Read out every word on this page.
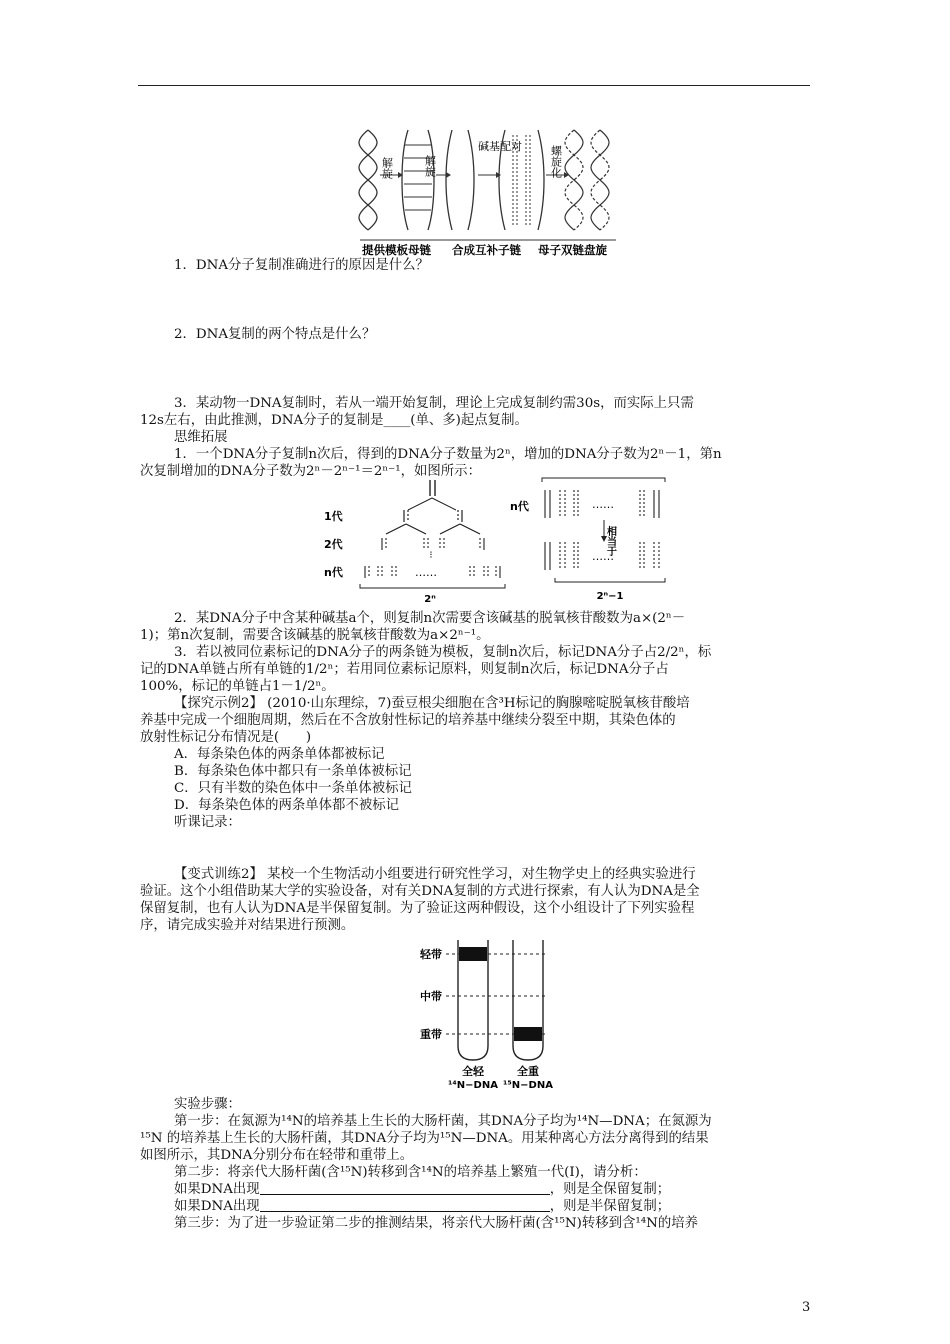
解旋	解旋
碱基配对	螺旋化
提供模板母链 合成互补子链 母子双链盘旋
1．DNA分子复制准确进行的原因是什么？
2．DNA复制的两个特点是什么？
3．某动物一DNA复制时，若从一端开始复制，理论上完成复制约需30s，而实际上只需
12s左右，由此推测，DNA分子的复制是____(单、多)起点复制。
思维拓展
1．一个DNA分子复制n次后，得到的DNA分子数量为2ⁿ，增加的DNA分子数为2ⁿ－1，第n
次复制增加的DNA分子数为2ⁿ－2ⁿ⁻¹＝2ⁿ⁻¹，如图所示：
1代
2代
n代
⁝
……
2ⁿ
n代	……
……
相当于
2ⁿ−1
2．某DNA分子中含某种碱基a个，则复制n次需要含该碱基的脱氧核苷酸数为a×(2ⁿ－
1)；第n次复制，需要含该碱基的脱氧核苷酸数为a×2ⁿ⁻¹。
3．若以被同位素标记的DNA分子的两条链为模板，复制n次后，标记DNA分子占2/2ⁿ，标
记的DNA单链占所有单链的1/2ⁿ；若用同位素标记原料，则复制n次后，标记DNA分子占
100%，标记的单链占1－1/2ⁿ。
【探究示例2】 (2010·山东理综，7)蚕豆根尖细胞在含³H标记的胸腺嘧啶脱氧核苷酸培
养基中完成一个细胞周期，然后在不含放射性标记的培养基中继续分裂至中期，其染色体的
放射性标记分布情况是(　　)
A．每条染色体的两条单体都被标记
B．每条染色体中都只有一条单体被标记
C．只有半数的染色体中一条单体被标记
D．每条染色体的两条单体都不被标记
听课记录：
【变式训练2】 某校一个生物活动小组要进行研究性学习，对生物学史上的经典实验进行
验证。这个小组借助某大学的实验设备，对有关DNA复制的方式进行探索，有人认为DNA是全
保留复制，也有人认为DNA是半保留复制。为了验证这两种假设，这个小组设计了下列实验程
序，请完成实验并对结果进行预测。
轻带
中带
重带
全轻	全重
¹⁴N−DNA ¹⁵N−DNA
实验步骤：
第一步：在氮源为¹⁴N的培养基上生长的大肠杆菌，其DNA分子均为¹⁴N—DNA；在氮源为
¹⁵N 的培养基上生长的大肠杆菌，其DNA分子均为¹⁵N—DNA。用某种离心方法分离得到的结果
如图所示，其DNA分别分布在轻带和重带上。
第二步：将亲代大肠杆菌(含¹⁵N)转移到含¹⁴N的培养基上繁殖一代(Ⅰ)，请分析：
如果DNA出现	，则是全保留复制；
如果DNA出现	，则是半保留复制；
第三步：为了进一步验证第二步的推测结果，将亲代大肠杆菌(含¹⁵N)转移到含¹⁴N的培养
3
